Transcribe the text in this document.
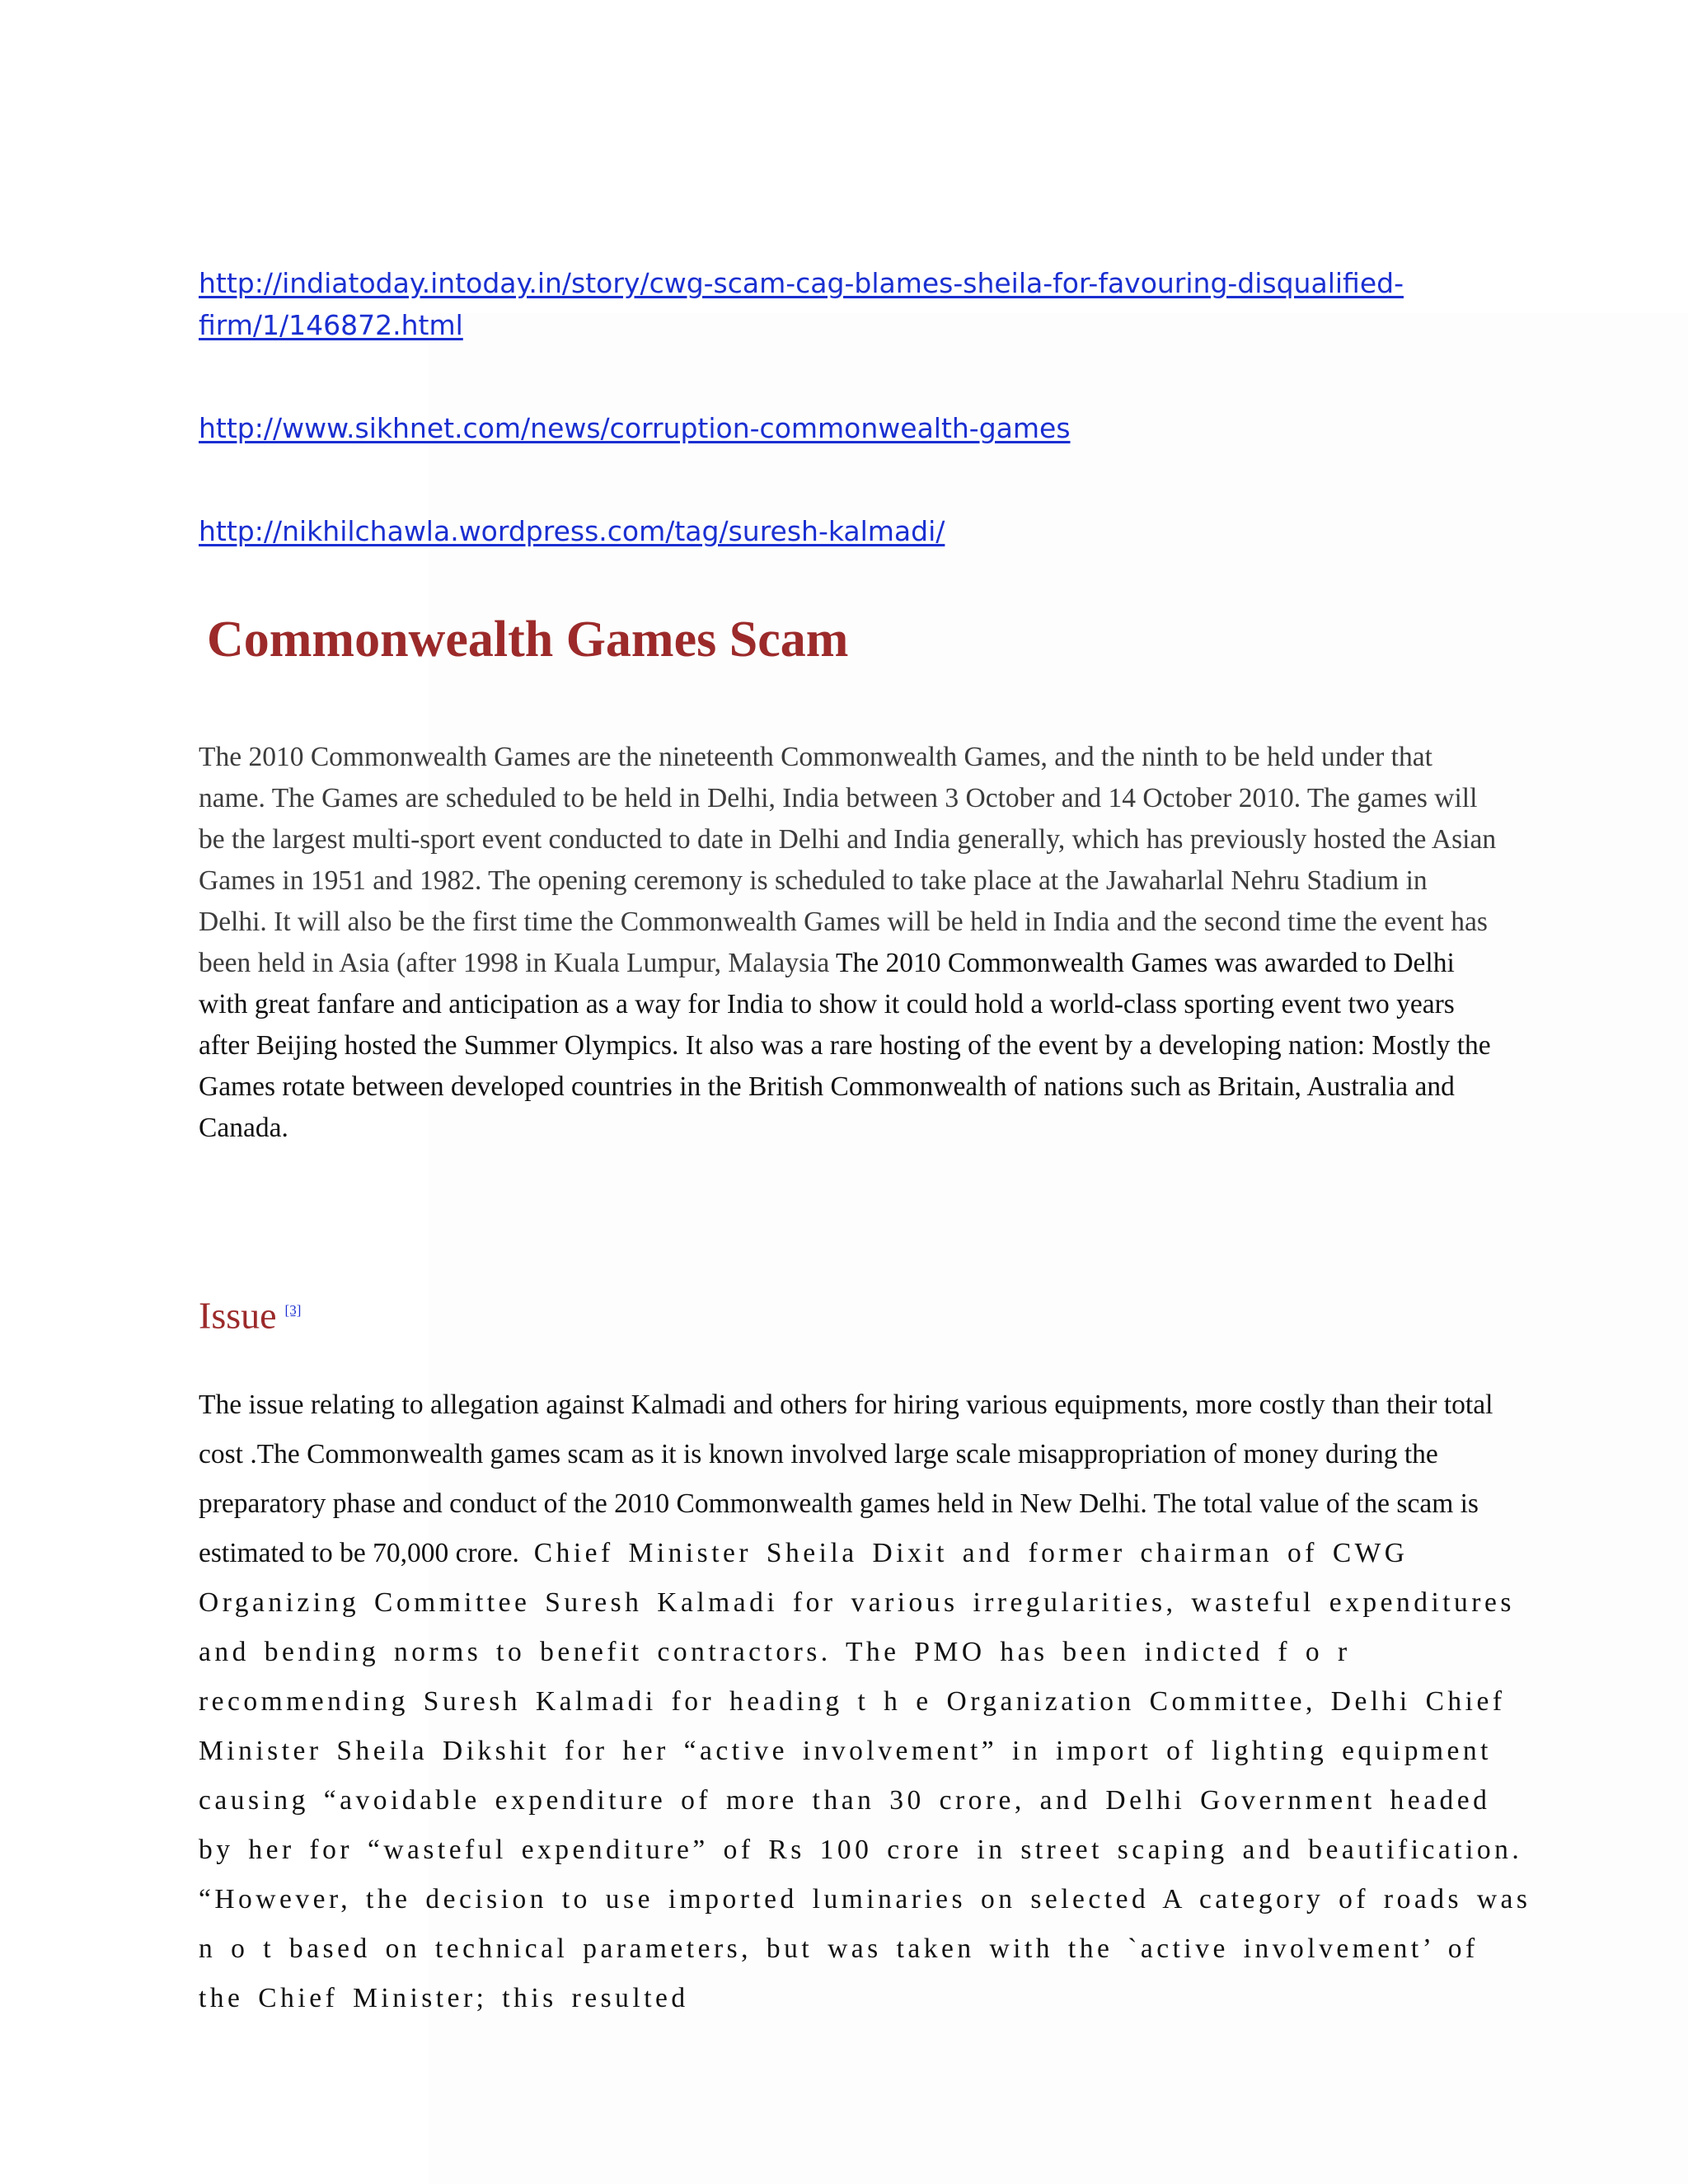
http://indiatoday.intoday.in/story/cwg-scam-cag-blames-sheila-for-favouring-disqualified-
firm/1/146872.html
http://www.sikhnet.com/news/corruption-commonwealth-games
http://nikhilchawla.wordpress.com/tag/suresh-kalmadi/
Commonwealth Games Scam

The 2010 Commonwealth Games are the nineteenth Commonwealth Games, and the ninth to be held under that name. The Games are scheduled to be held in Delhi, India between 3 October and 14 October 2010. The games will be the largest multi-sport event conducted to date in Delhi and India generally, which has previously hosted the Asian Games in 1951 and 1982. The opening ceremony is scheduled to take place at the Jawaharlal Nehru Stadium in Delhi. It will also be the first time the Commonwealth Games will be held in India and the second time the event has been held in Asia (after 1998 in Kuala Lumpur, Malaysia The 2010 Commonwealth Games was awarded to Delhi with great fanfare and anticipation as a way for India to show it could hold a world-class sporting event two years after Beijing hosted the Summer Olympics. It also was a rare hosting of the event by a developing nation: Mostly the Games rotate between developed countries in the British Commonwealth of nations such as Britain, Australia and Canada.

Issue [3]

The issue relating to allegation against Kalmadi and others for hiring various equipments, more costly than their total cost .The Commonwealth games scam as it is known involved large scale misappropriation of money during the preparatory phase and conduct of the 2010 Commonwealth games held in New Delhi. The total value of the scam is estimated to be 70,000 crore. Chief Minister Sheila Dixit and former chairman of CWG Organizing Committee Suresh Kalmadi for various irregularities, wasteful expenditures and bending norms to benefit contractors. The PMO has been indicted f o r recommending Suresh Kalmadi for heading t h e Organization Committee, Delhi Chief Minister Sheila Dikshit for her “active involvement” in import of lighting equipment causing “avoidable expenditure of more than 30 crore, and Delhi Government headed by her for “wasteful expenditure” of Rs 100 crore in street scaping and beautification. “However, the decision to use imported luminaries on selected A category of roads was n o t based on technical parameters, but was taken with the `active involvement’ of the Chief Minister; this resulted
